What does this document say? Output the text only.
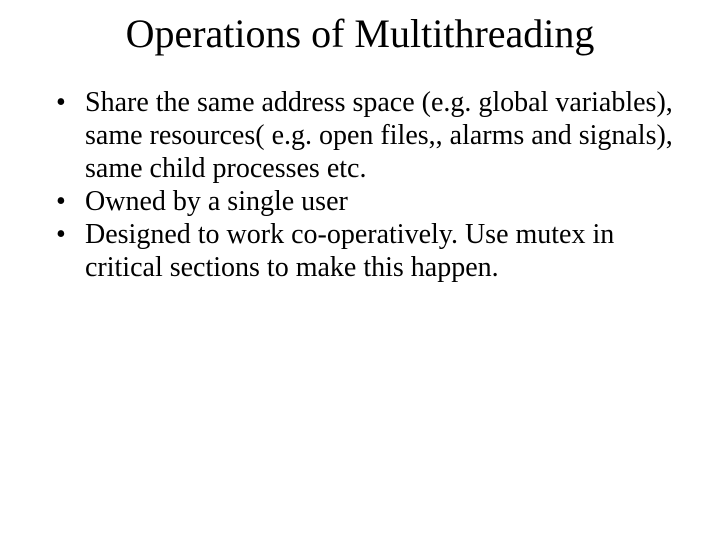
Operations of Multithreading
• Share the same address space (e.g. global variables), same resources( e.g. open files,, alarms and signals), same child processes etc.
• Owned by a single user
• Designed to work co-operatively. Use mutex in critical sections to make this happen.
